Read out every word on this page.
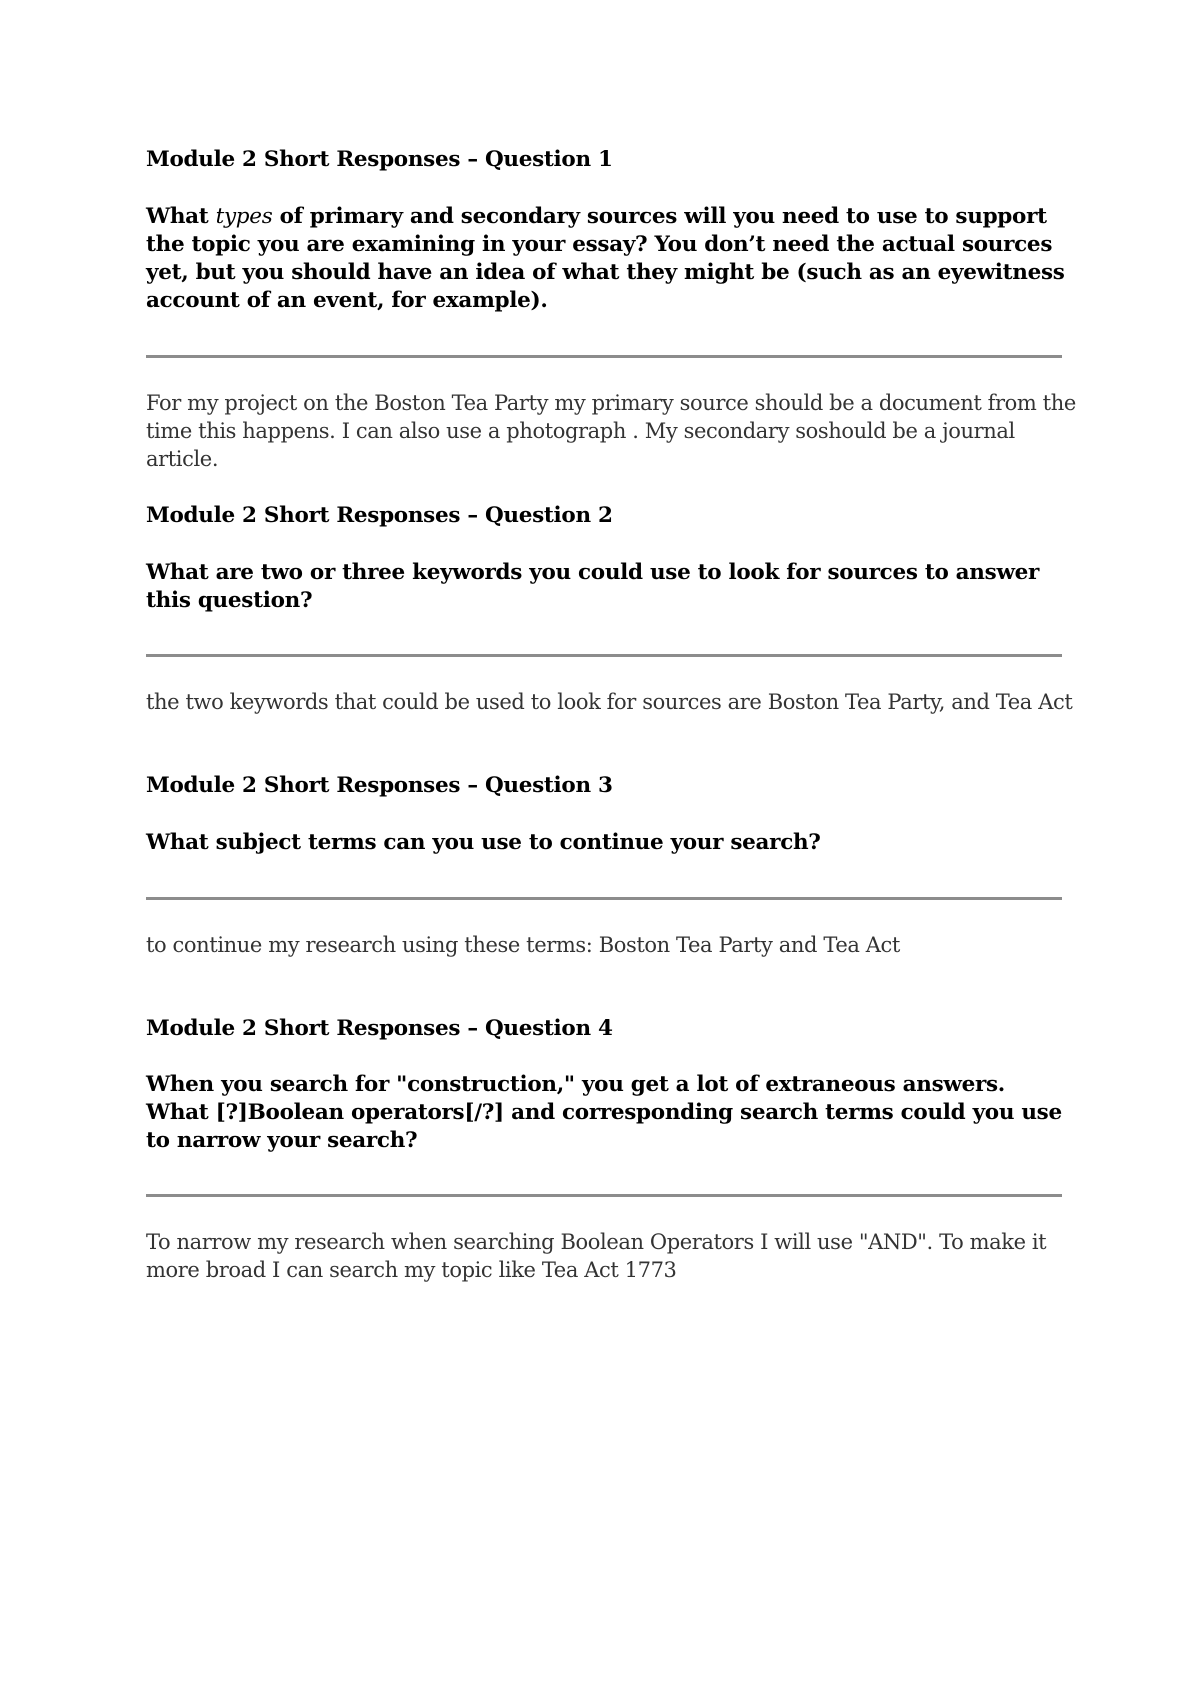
Module 2 Short Responses – Question 1

What types of primary and secondary sources will you need to use to support the topic you are examining in your essay? You don’t need the actual sources yet, but you should have an idea of what they might be (such as an eyewitness account of an event, for example).

For my project on the Boston Tea Party my primary source should be a document from the time this happens. I can also use a photograph . My secondary soshould be a journal article.

Module 2 Short Responses – Question 2

What are two or three keywords you could use to look for sources to answer this question?

the two keywords that could be used to look for sources are Boston Tea Party, and Tea Act

Module 2 Short Responses – Question 3

What subject terms can you use to continue your search?

to continue my research using these terms: Boston Tea Party and Tea Act

Module 2 Short Responses – Question 4

When you search for "construction," you get a lot of extraneous answers. What [?]Boolean operators[/?] and corresponding search terms could you use to narrow your search?

To narrow my research when searching Boolean Operators I will use "AND". To make it more broad I can search my topic like Tea Act 1773
